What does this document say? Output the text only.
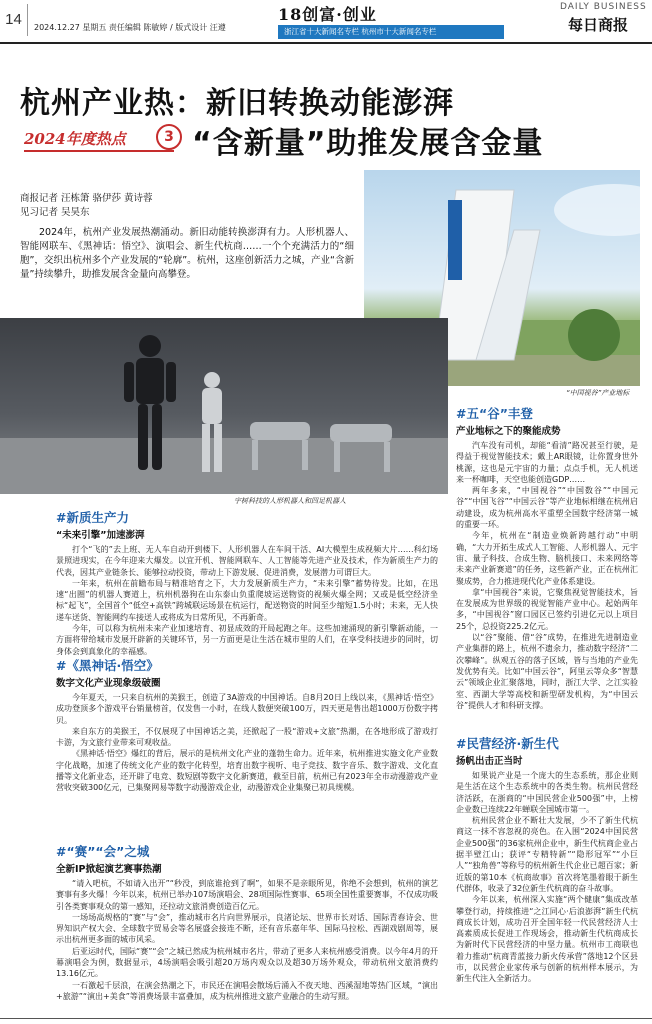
14	2024.12.27 星期五 责任编辑 陈敏婷 / 版式设计 汪遵
18创富·创业
浙江省十大新闻名专栏 杭州市十大新闻名专栏
DAILY BUSINESS
每日商报
杭州产业热：新旧转换动能澎湃
2024年度热点	3 “含新量”助推发展含金量
商报记者 汪栋箫 骆伊莎 黄诗蓉
见习记者 吴昊东

2024年，杭州产业发展热潮涌动。新旧动能转换澎湃有力。人形机器人、智能网联车、《黑神话：悟空》、演唱会、新生代杭商……一个个充满活力的“细胞”，交织出杭州多个产业发展的“轮廓”。杭州，这座创新活力之城，产业“含新量”持续攀升，助推发展含金量向高攀登。

“中国视谷”产业地标
宇树科技的人形机器人和四足机器人
#新质生产力
“未来引擎”加速澎湃

打个“飞的”去上班、无人车自动开到楼下、人形机器人在车间干活、AI大模型生成视频大片……科幻场景照进现实，在今年迎来大爆发。以宜开机、智能网联车、人工智能等先进产业及技术，作为新质生产力的代表，因其产业链条长、能够拉动投资，带动上下游发展、促进消费，发展潜力可谓巨大。

一年来，杭州在前瞻布局与精准培育之下，大力发展新质生产力，“未来引擎”蓄势待发。比如，在迅速“出圈”的机器人赛道上，杭州机器狗在山东泰山负重爬坡运送物资的视频火爆全网；又或是低空经济坐标“起飞”，全国首个“低空+高铁”跨城联运场景在杭运行，配送物资的时间至少缩短1.5小时；未来，无人快递车送货、智能网约车接送人或将成为日常所见，不再新奇。

今年，可以称为杭州未来产业加速培育、初显成效的开局起跑之年。这些加速涌现的新引擎新动能，一方面将带给城市发展开辟新的关键环节，另一方面更是让生活在城市里的人们，在享受科技进步的同时，切身体会到真象化的幸福感。

#《黑神话·悟空》
数字文化产业现象级破圈

今年夏天，一只来自杭州的美猴王，创造了3A游戏的中国神话。自8月20日上线以来，《黑神话·悟空》成功登顶多个游戏平台销量榜首，仅发售一小时，在线人数便突破100万，四天更是售出超1000万份数字拷贝。

来自东方的美猴王，不仅展现了中国神话之美，还掀起了一股“游戏+文旅”热潮，在各地形成了游戏打卡游，为文旅行业带来可观收益。

《黑神话·悟空》爆红的背后，展示的是杭州文化产业的蓬勃生命力。近年来，杭州推进实施文化产业数字化战略，加速了传统文化产业的数字化转型，培育出数字视听、电子竞技、数字音乐、数字游戏、文化直播等文化新业态，还开辟了电竞、数短剧等数字文化新赛道，截至目前，杭州已有2023年全市动漫游戏产业营收突破300亿元，已集聚网易等数字动漫游戏企业，动漫游戏企业集聚已初具规模。

#“赛”“会”之城
全新IP掀起演艺赛事热潮

“请入吧杭，不如请入出开”“秒没，到底谁抢到了啊”，如果不是亲眼所见，你绝不会想到，杭州的演艺赛事有多火爆！今年以来，杭州已举办107场演唱会、28项国际性赛事、65项全国性重要赛事，不仅成功吸引各类赛事观众的第一感知，还拉动文旅消费创造百亿元。

一场场高规格的“赛”与“会”，推动城市名片向世界展示，良渚论坛、世界市长对话、国际青春诗会、世界知识产权大会、全球数字贸易会等名展盛会接连不断，还有音乐嘉年华、国际马拉松、西湖戏剧周等，展示出杭州更多面的城市风采。

后亚运时代，国际“赛”“会”之城已然成为杭州城市名片，带动了更多人来杭州感受消费。以今年4月的开幕演唱会为例，数据显示，4场演唱会吸引超20万场内观众以及超30万场外观众，带动杭州文旅消费约13.16亿元。

一石激起千层浪，在演会热潮之下，市民还在演唱会散场后涌入不夜天地、西溪湿地等热门区域，“演出+旅游”“演出+美食”等消费场景丰富叠加，成为杭州推进文旅产业融合的生动写照。

#五“谷”丰登
产业地标之下的聚能成势

汽车没有司机，却能“看清”路况甚至行驶，是得益于视觉智能技术；戴上AR眼镜，让你置身世外桃源，这也是元宇宙的力量；点点手机，无人机送来一杯咖啡，天空也能创造GDP……

两年多来，“中国视谷”“中国数谷”“中国元谷”“中国飞谷”“中国云谷”等产业地标相继在杭州启动建设，成为杭州高水平重塑全国数字经济第一城的重要一环。

今年，杭州在“制造业焕新跨越行动”中明确，“大力开拓生成式人工智能、人形机器人、元宇宙、量子科技、合成生物、脑机接口、未来网络等未来产业新赛道”的任务，这些新产业，正在杭州汇聚成势，合力推进现代化产业体系建设。

拿“中国视谷”来说，它聚焦视觉智能技术，旨在发展成为世界级的视觉智能产业中心。起始两年多，“中国视谷”窗口园区已签约引进亿元以上项目25个，总投资225.2亿元。

以“谷”聚能、借“谷”成势，在推进先进制造业产业集群的路上，杭州不遗余力，推动数字经济“二次攀峰”。纵观五谷的落子区域，皆与当地的产业先发优势有关。比如“中国云谷”，阿里云等众多“智慧云”领域企业汇聚落地，同时，浙江大学、之江实验室、西湖大学等高校和新型研发机构，为“中国云谷”提供人才和科研支撑。

#民营经济·新生代
扬帆出击正当时

如果说产业是一个庞大的生态系统，那企业则是生活在这个生态系统中的各类生物。杭州民营经济活跃，在浙商的“中国民营企业500强”中，上榜企业数已连续22年蝉联全国城市第一。

杭州民营企业不断壮大发展，少不了新生代杭商这一抹不容忽视的亮色。在入围“2024中国民营企业500强”的36家杭州企业中，新生代杭商企业占据半壁江山；获评“专精特新”“隐形冠军”“小巨人”“独角兽”等称号的杭州新生代企业已超百家；新近版的第10本《杭商故事》首次将笔墨着眼于新生代群体，收录了32位新生代杭商的奋斗故事。

今年以来，杭州深入实施“两个健康”集成改革攀登行动，持续推进“之江同心·后浪澎湃”新生代杭商成长计划，成功召开全国年轻一代民营经济人士高素质成长促进工作现场会，推动新生代杭商成长为新时代下民营经济的中坚力量。杭州市工商联也着力推动“杭商青蓝接力新火传承营”落地12个区县市，以民营企业家传承与创新的杭州样本展示，为新生代注入全新活力。
